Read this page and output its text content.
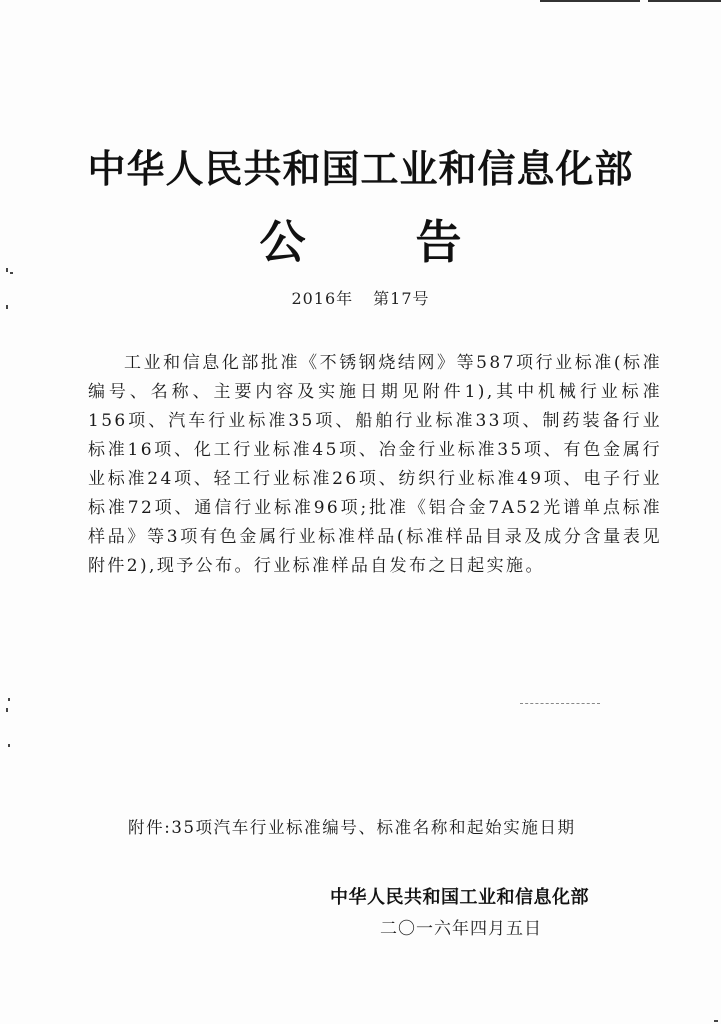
中华人民共和国工业和信息化部
公 告
2016年 第17号

工业和信息化部批准《不锈钢烧结网》等587项行业标准(标准编号、名称、主要内容及实施日期见附件1),其中机械行业标准156项、汽车行业标准35项、船舶行业标准33项、制药装备行业标准16项、化工行业标准45项、冶金行业标准35项、有色金属行业标准24项、轻工行业标准26项、纺织行业标准49项、电子行业标准72项、通信行业标准96项;批准《铝合金7A52光谱单点标准样品》等3项有色金属行业标准样品(标准样品目录及成分含量表见附件2),现予公布。行业标准样品自发布之日起实施。

附件:35项汽车行业标准编号、标准名称和起始实施日期
中华人民共和国工业和信息化部
二〇一六年四月五日
